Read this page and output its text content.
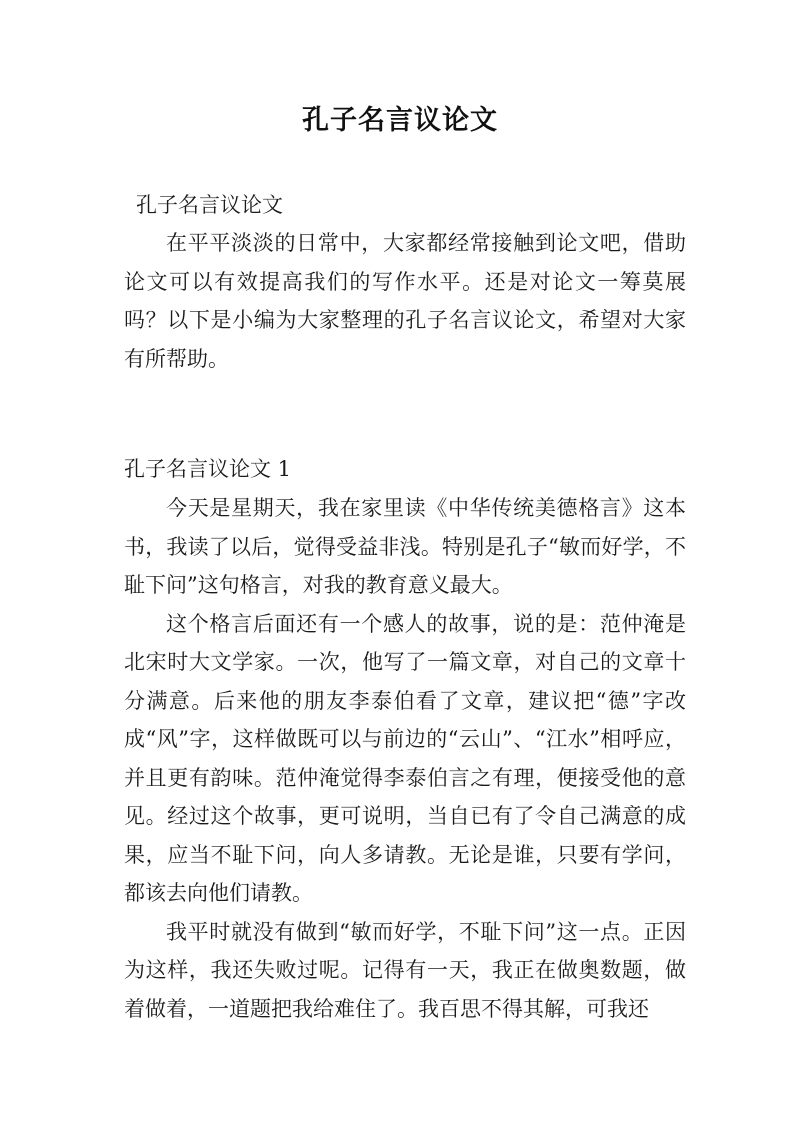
孔子名言议论文
孔子名言议论文

在平平淡淡的日常中，大家都经常接触到论文吧，借助论文可以有效提高我们的写作水平。还是对论文一筹莫展吗？以下是小编为大家整理的孔子名言议论文，希望对大家有所帮助。

孔子名言议论文 1

今天是星期天，我在家里读《中华传统美德格言》这本书，我读了以后，觉得受益非浅。特别是孔子“敏而好学，不耻下问”这句格言，对我的教育意义最大。

这个格言后面还有一个感人的故事，说的是：范仲淹是北宋时大文学家。一次，他写了一篇文章，对自己的文章十分满意。后来他的朋友李泰伯看了文章，建议把“德”字改成“风”字，这样做既可以与前边的“云山”、“江水”相呼应，并且更有韵味。范仲淹觉得李泰伯言之有理，便接受他的意见。经过这个故事，更可说明，当自已有了令自己满意的成果，应当不耻下问，向人多请教。无论是谁，只要有学问，都该去向他们请教。

我平时就没有做到“敏而好学，不耻下问”这一点。正因为这样，我还失败过呢。记得有一天，我正在做奥数题，做着做着，一道题把我给难住了。我百思不得其解，可我还
